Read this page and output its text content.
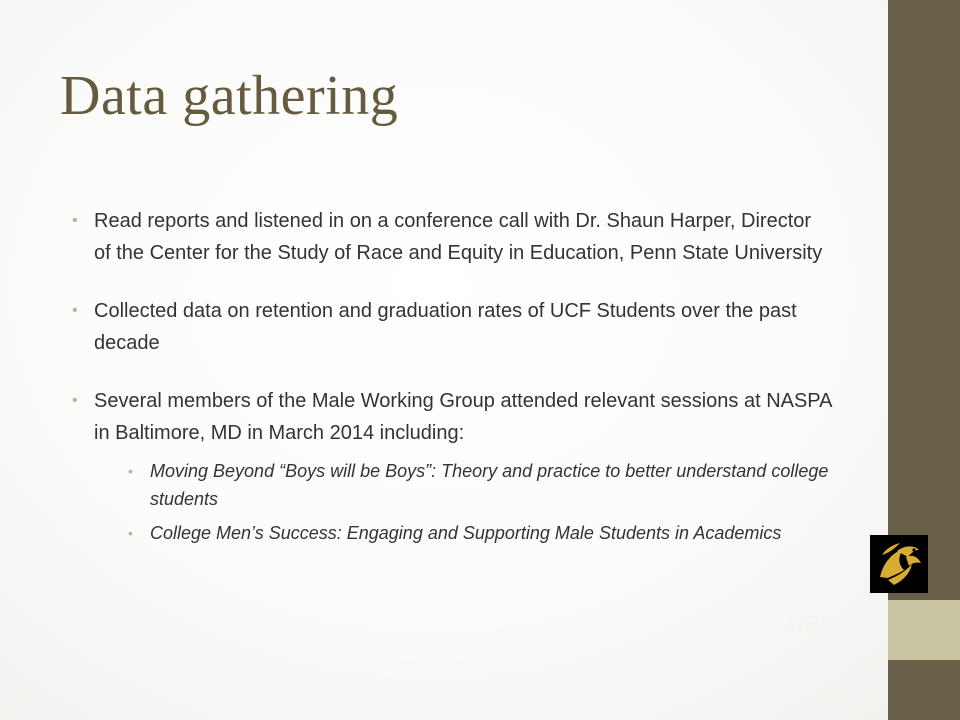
Data gathering
• Read reports and listened in on a conference call with Dr. Shaun Harper, Director of the Center for the Study of Race and Equity in Education, Penn State University
• Collected data on retention and graduation rates of UCF Students over the past decade
• Several members of the Male Working Group attended relevant sessions at NASPA in Baltimore, MD in March 2014 including:
• Moving Beyond “Boys will be Boys”: Theory and practice to better understand college students
• College Men’s Success: Engaging and Supporting Male Students in Academics
Lives
